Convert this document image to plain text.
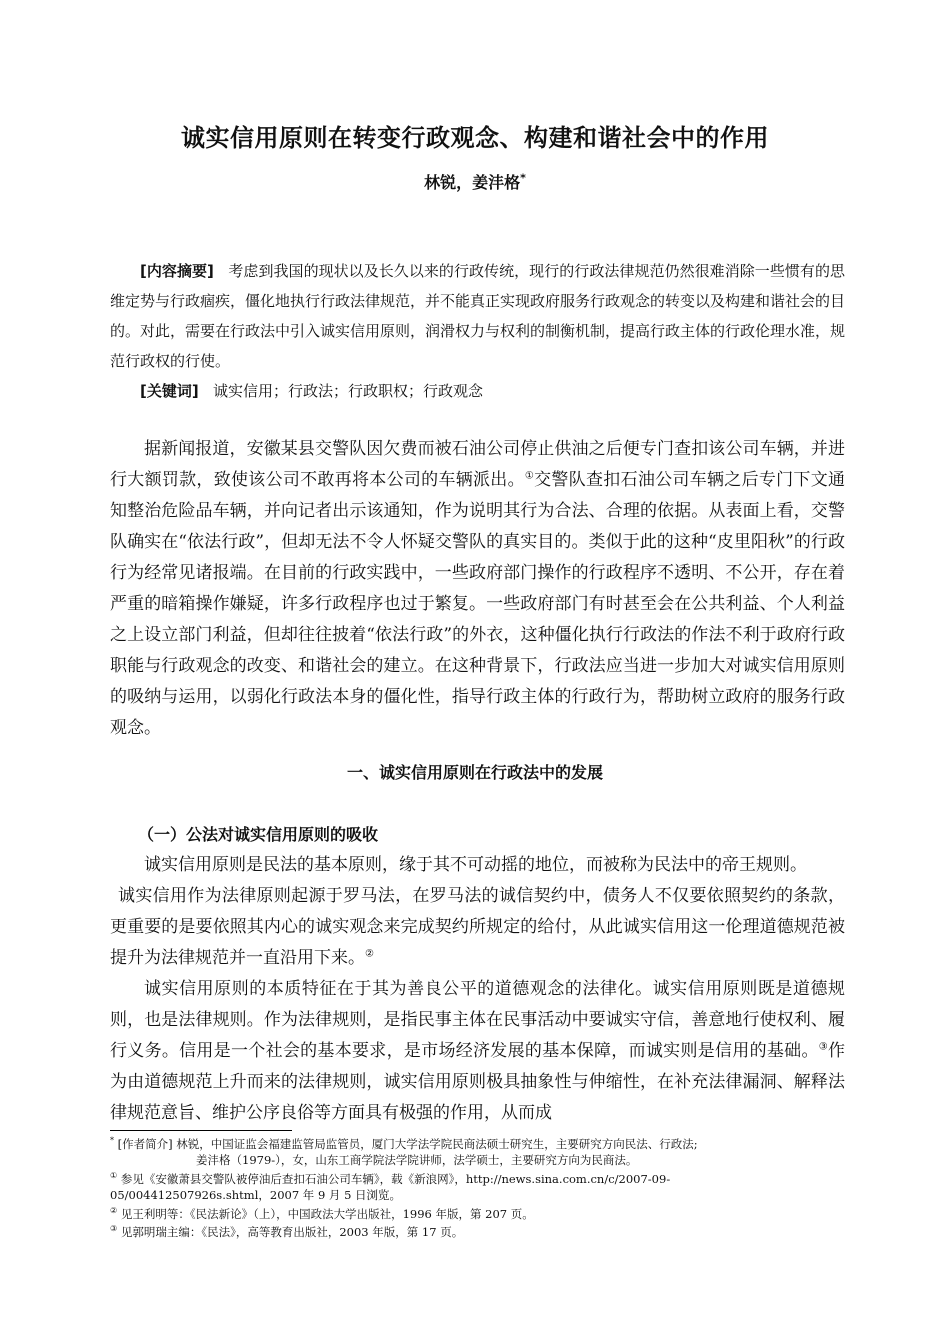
诚实信用原则在转变行政观念、构建和谐社会中的作用
林锐，姜沣格*

[内容摘要] 考虑到我国的现状以及长久以来的行政传统，现行的行政法律规范仍然很难消除一些惯有的思维定势与行政痼疾，僵化地执行行政法律规范，并不能真正实现政府服务行政观念的转变以及构建和谐社会的目的。对此，需要在行政法中引入诚实信用原则，润滑权力与权利的制衡机制，提高行政主体的行政伦理水准，规范行政权的行使。

[关键词] 诚实信用；行政法；行政职权；行政观念

据新闻报道，安徽某县交警队因欠费而被石油公司停止供油之后便专门查扣该公司车辆，并进行大额罚款，致使该公司不敢再将本公司的车辆派出。①交警队查扣石油公司车辆之后专门下文通知整治危险品车辆，并向记者出示该通知，作为说明其行为合法、合理的依据。从表面上看，交警队确实在“依法行政”，但却无法不令人怀疑交警队的真实目的。类似于此的这种“皮里阳秋”的行政行为经常见诸报端。在目前的行政实践中，一些政府部门操作的行政程序不透明、不公开，存在着严重的暗箱操作嫌疑，许多行政程序也过于繁复。一些政府部门有时甚至会在公共利益、个人利益之上设立部门利益，但却往往披着“依法行政”的外衣，这种僵化执行行政法的作法不利于政府行政职能与行政观念的改变、和谐社会的建立。在这种背景下，行政法应当进一步加大对诚实信用原则的吸纳与运用，以弱化行政法本身的僵化性，指导行政主体的行政行为，帮助树立政府的服务行政观念。

一、诚实信用原则在行政法中的发展
（一）公法对诚实信用原则的吸收

诚实信用原则是民法的基本原则，缘于其不可动摇的地位，而被称为民法中的帝王规则。

诚实信用作为法律原则起源于罗马法，在罗马法的诚信契约中，债务人不仅要依照契约的条款，更重要的是要依照其内心的诚实观念来完成契约所规定的给付，从此诚实信用这一伦理道德规范被提升为法律规范并一直沿用下来。②

诚实信用原则的本质特征在于其为善良公平的道德观念的法律化。诚实信用原则既是道德规则，也是法律规则。作为法律规则，是指民事主体在民事活动中要诚实守信，善意地行使权利、履行义务。信用是一个社会的基本要求，是市场经济发展的基本保障，而诚实则是信用的基础。③作为由道德规范上升而来的法律规则，诚实信用原则极具抽象性与伸缩性，在补充法律漏洞、解释法律规范意旨、维护公序良俗等方面具有极强的作用，从而成

* [作者简介] 林锐，中国证监会福建监管局监管员，厦门大学法学院民商法硕士研究生，主要研究方向民法、行政法;

姜沣格（1979-），女，山东工商学院法学院讲师，法学硕士，主要研究方向为民商法。

① 参见《安徽萧县交警队被停油后查扣石油公司车辆》，载《新浪网》，http://news.sina.com.cn/c/2007-09-

05/004412507926s.shtml，2007 年 9 月 5 日浏览。

② 见王利明等：《民法新论》（上），中国政法大学出版社，1996 年版，第 207 页。

③ 见郭明瑞主编：《民法》，高等教育出版社，2003 年版，第 17 页。
